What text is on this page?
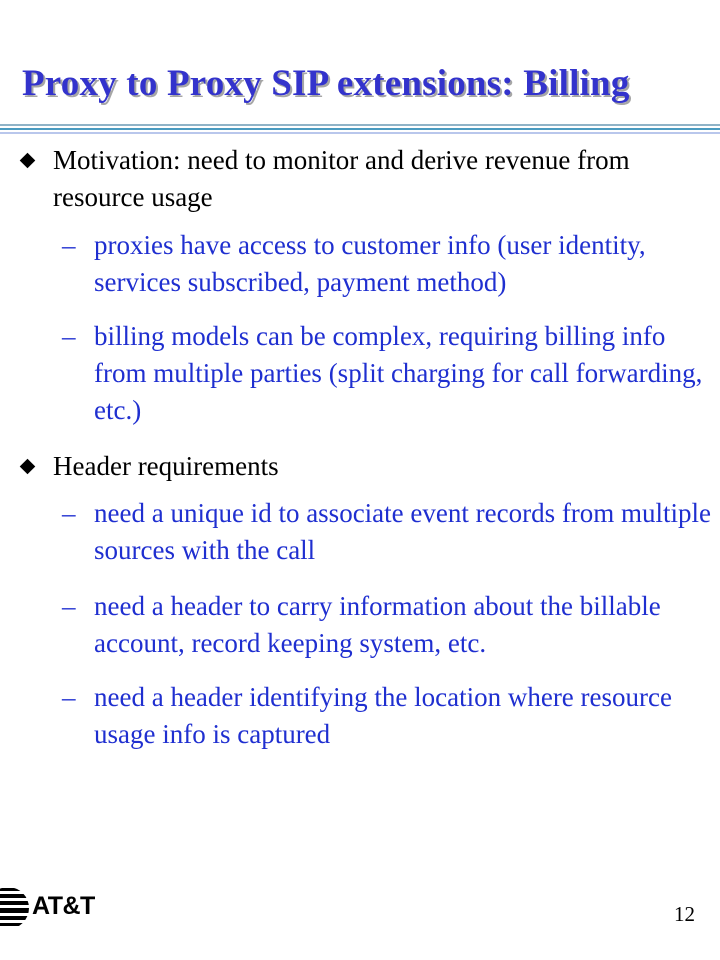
Proxy to Proxy SIP extensions: Billing
Motivation: need to monitor and derive revenue from resource usage
– proxies have access to customer info (user identity, services subscribed, payment method)
– billing models can be complex, requiring billing info from multiple parties (split charging for call forwarding, etc.)
Header requirements
– need a unique id to associate event records from multiple sources with the call
– need a header to carry information about the billable account, record keeping system, etc.
– need a header identifying the location where resource usage info is captured
AT&T	12
